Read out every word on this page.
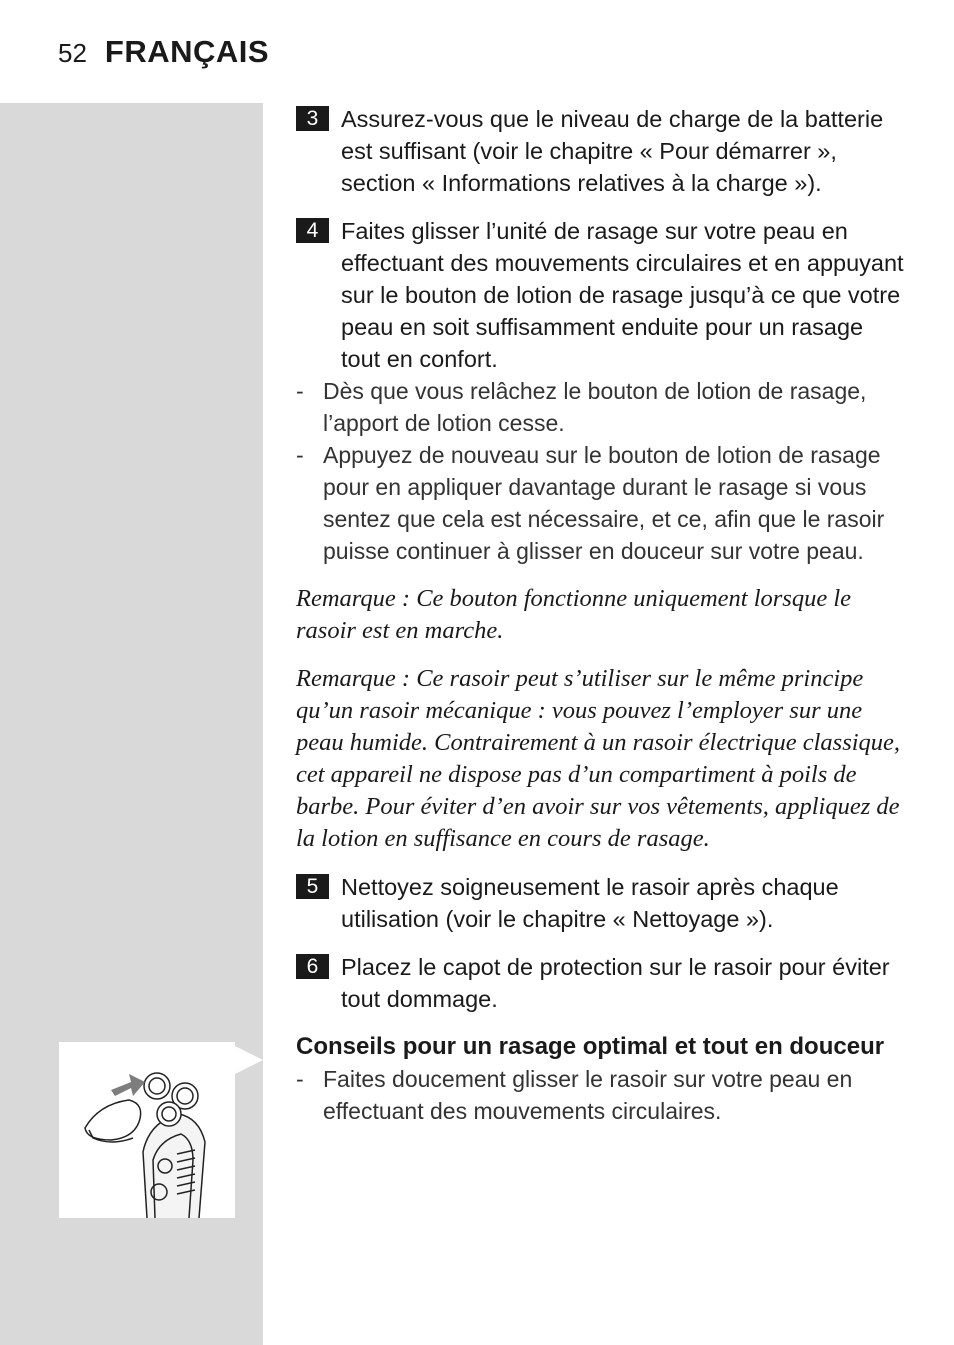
52 FRANÇAIS
3 Assurez-vous que le niveau de charge de la batterie est suffisant (voir le chapitre « Pour démarrer », section « Informations relatives à la charge »).
4 Faites glisser l’unité de rasage sur votre peau en effectuant des mouvements circulaires et en appuyant sur le bouton de lotion de rasage jusqu’à ce que votre peau en soit suffisamment enduite pour un rasage tout en confort.
- Dès que vous relâchez le bouton de lotion de rasage, l’apport de lotion cesse.
- Appuyez de nouveau sur le bouton de lotion de rasage pour en appliquer davantage durant le rasage si vous sentez que cela est nécessaire, et ce, afin que le rasoir puisse continuer à glisser en douceur sur votre peau.

Remarque : Ce bouton fonctionne uniquement lorsque le rasoir est en marche.

Remarque : Ce rasoir peut s’utiliser sur le même principe qu’un rasoir mécanique : vous pouvez l’employer sur une peau humide. Contrairement à un rasoir électrique classique, cet appareil ne dispose pas d’un compartiment à poils de barbe. Pour éviter d’en avoir sur vos vêtements, appliquez de la lotion en suffisance en cours de rasage.

5 Nettoyez soigneusement le rasoir après chaque utilisation (voir le chapitre « Nettoyage »).
6 Placez le capot de protection sur le rasoir pour éviter tout dommage.
Conseils pour un rasage optimal et tout en douceur
- Faites doucement glisser le rasoir sur votre peau en effectuant des mouvements circulaires.
